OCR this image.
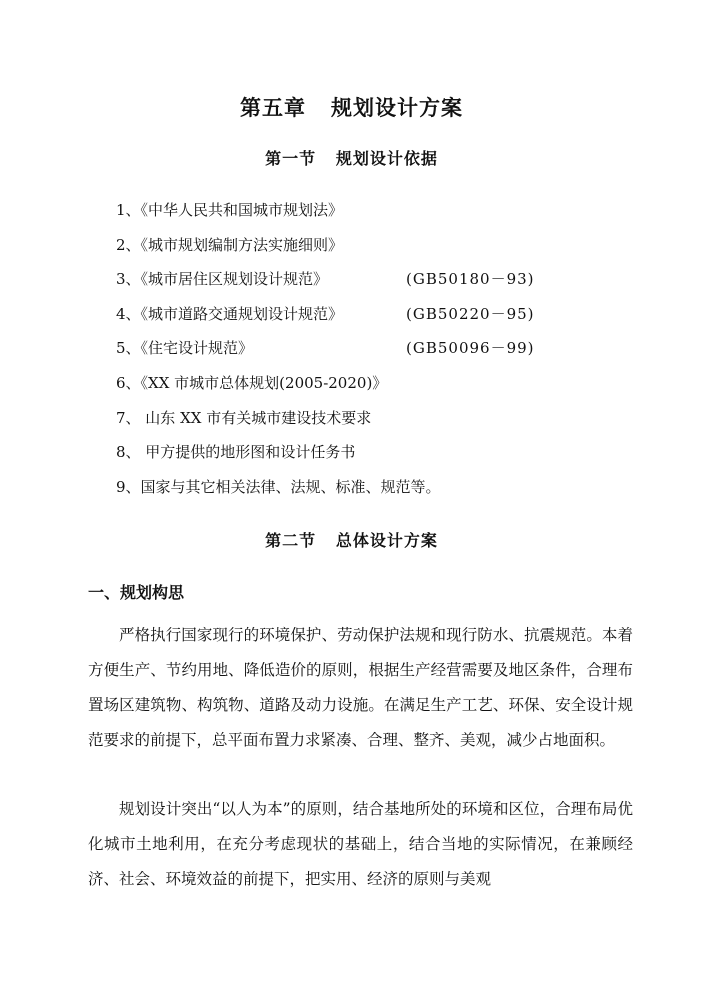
第五章   规划设计方案
第一节   规划设计依据
1、《中华人民共和国城市规划法》
2、《城市规划编制方法实施细则》
3、《城市居住区规划设计规范》	(GB50180－93)
4、《城市道路交通规划设计规范》	(GB50220－95)
5、《住宅设计规范》	(GB50096－99)
6、《XX 市城市总体规划(2005-2020)》
7、 山东 XX 市有关城市建设技术要求
8、 甲方提供的地形图和设计任务书
9、国家与其它相关法律、法规、标准、规范等。
第二节   总体设计方案
一、规划构思

严格执行国家现行的环境保护、劳动保护法规和现行防水、抗震规范。本着方便生产、节约用地、降低造价的原则，根据生产经营需要及地区条件，合理布置场区建筑物、构筑物、道路及动力设施。在满足生产工艺、环保、安全设计规范要求的前提下，总平面布置力求紧凑、合理、整齐、美观，减少占地面积。

规划设计突出“以人为本”的原则，结合基地所处的环境和区位，合理布局优化城市土地利用，在充分考虑现状的基础上，结合当地的实际情况，在兼顾经济、社会、环境效益的前提下，把实用、经济的原则与美观
